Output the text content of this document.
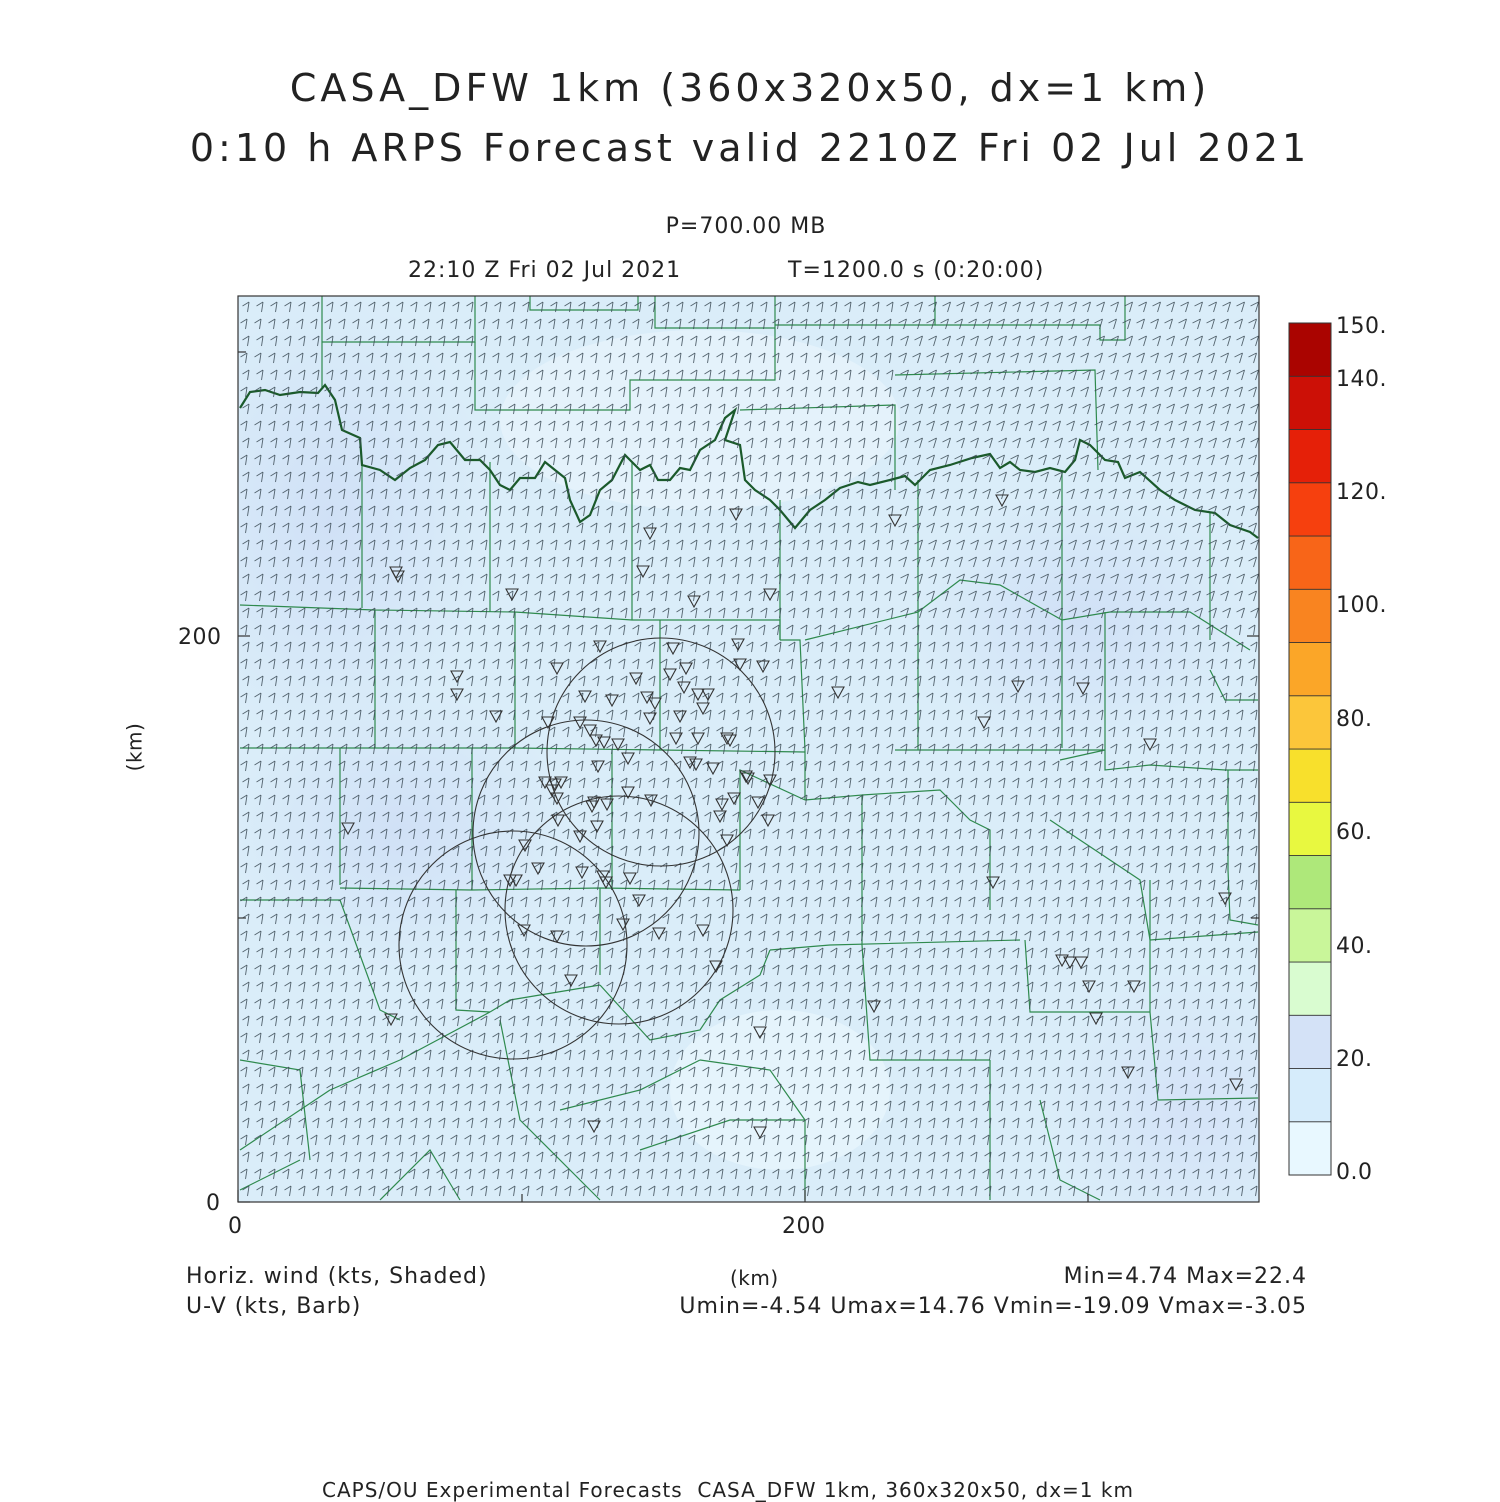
CASA_DFW 1km (360x320x50, dx=1 km)
0:10 h ARPS Forecast valid 2210Z Fri 02 Jul 2021
P=700.00 MB
22:10 Z Fri 02 Jul 2021	T=1200.0 s (0:20:00)
0	200
0
200
(km)
(km)
150.
140.
120.
100.
80.
60.
40.
20.
0.0
Horiz. wind (kts, Shaded)
U-V (kts, Barb)
Min=4.74 Max=22.4
Umin=-4.54 Umax=14.76 Vmin=-19.09 Vmax=-3.05
CAPS/OU Experimental Forecasts  CASA_DFW 1km, 360x320x50, dx=1 km
